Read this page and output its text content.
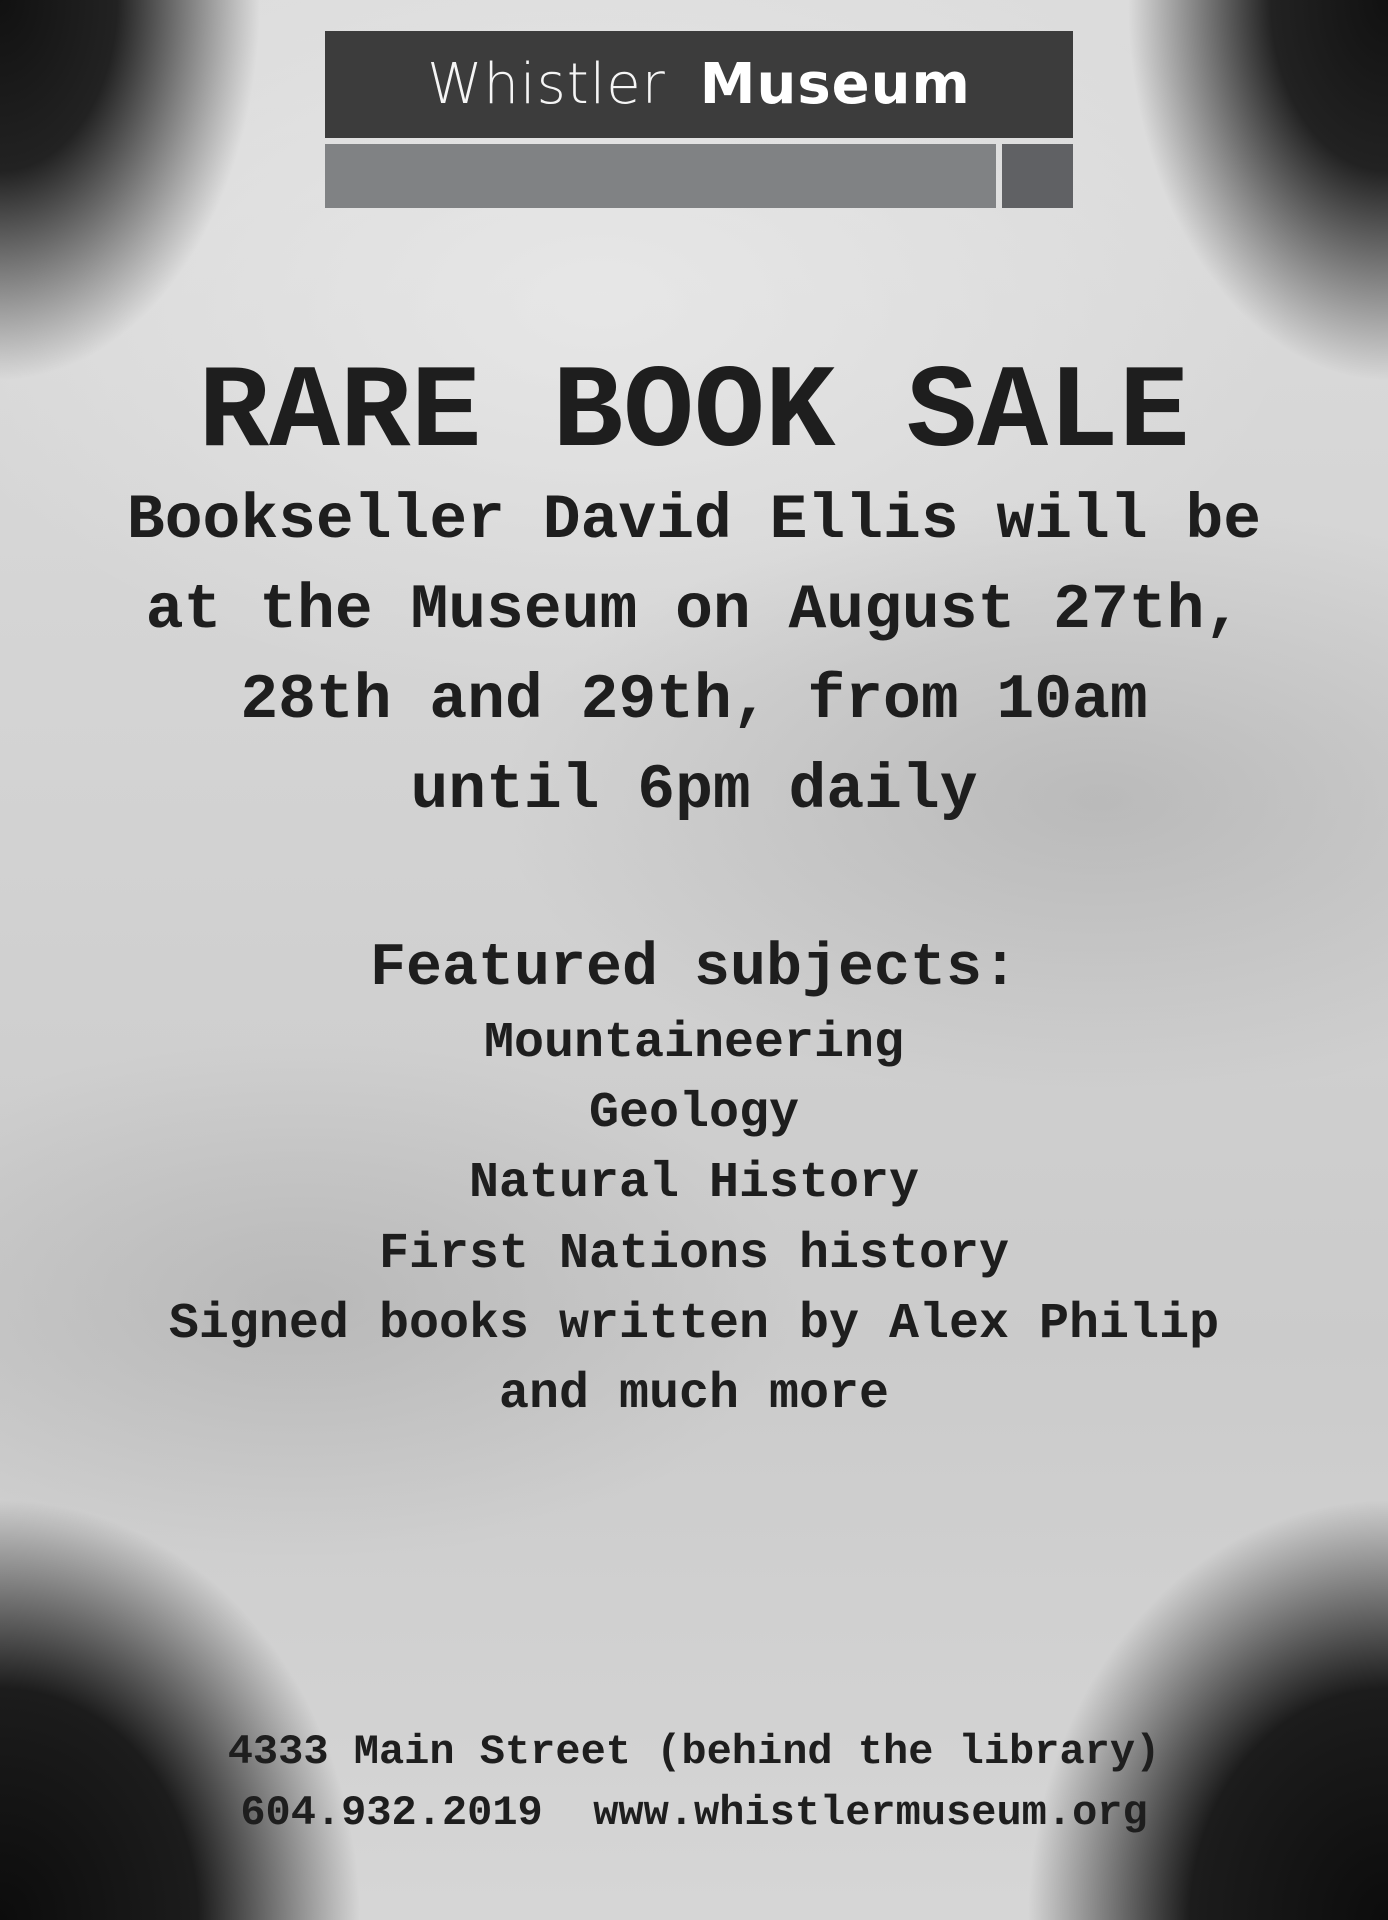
Whistler Museum
RARE BOOK SALE
Bookseller David Ellis will be
at the Museum on August 27th,
28th and 29th, from 10am
until 6pm daily
Featured subjects:
Mountaineering
Geology
Natural History
First Nations history
Signed books written by Alex Philip
and much more
4333 Main Street (behind the library)
604.932.2019 www.whistlermuseum.org
